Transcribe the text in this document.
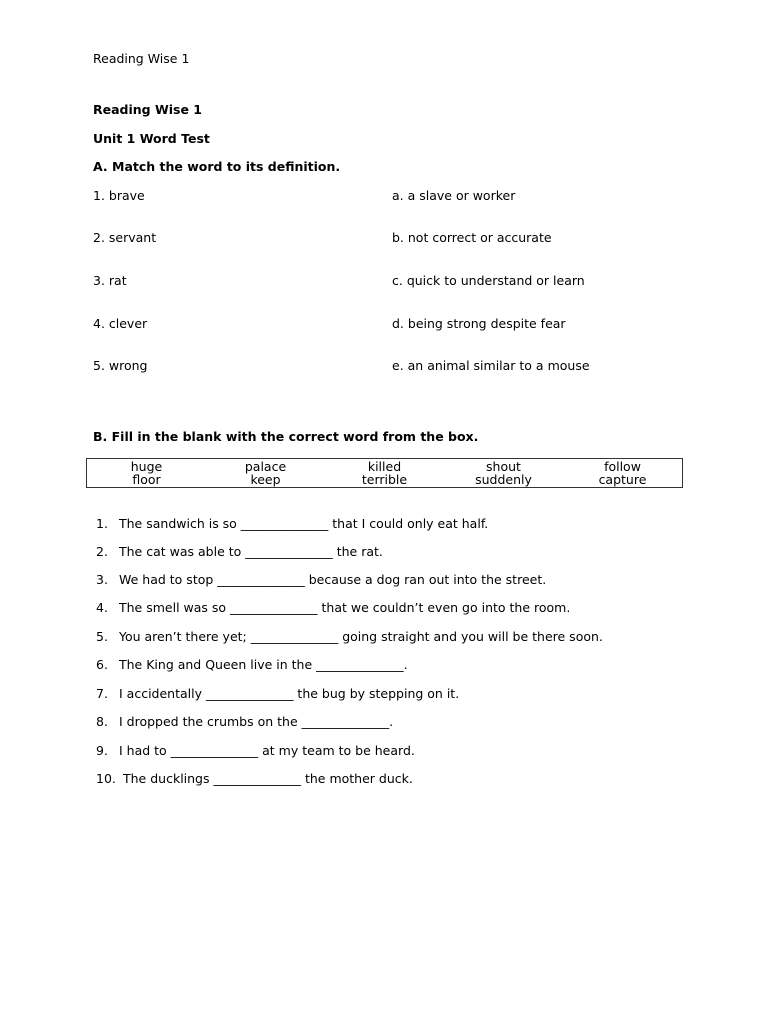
Reading Wise 1
Reading Wise 1
Unit 1 Word Test
A. Match the word to its definition.
1. brave	a. a slave or worker
2. servant	b. not correct or accurate
3. rat	c. quick to understand or learn
4. clever	d. being strong despite fear
5. wrong	e. an animal similar to a mouse
B. Fill in the blank with the correct word from the box.
huge	palace	killed	shout	follow
floor	keep	terrible	suddenly	capture
1. The sandwich is so ______________ that I could only eat half.
2. The cat was able to ______________ the rat.
3. We had to stop ______________ because a dog ran out into the street.
4. The smell was so ______________ that we couldn’t even go into the room.
5. You aren’t there yet; ______________ going straight and you will be there soon.
6. The King and Queen live in the ______________.
7. I accidentally ______________ the bug by stepping on it.
8. I dropped the crumbs on the ______________.
9. I had to ______________ at my team to be heard.
10. The ducklings ______________ the mother duck.
